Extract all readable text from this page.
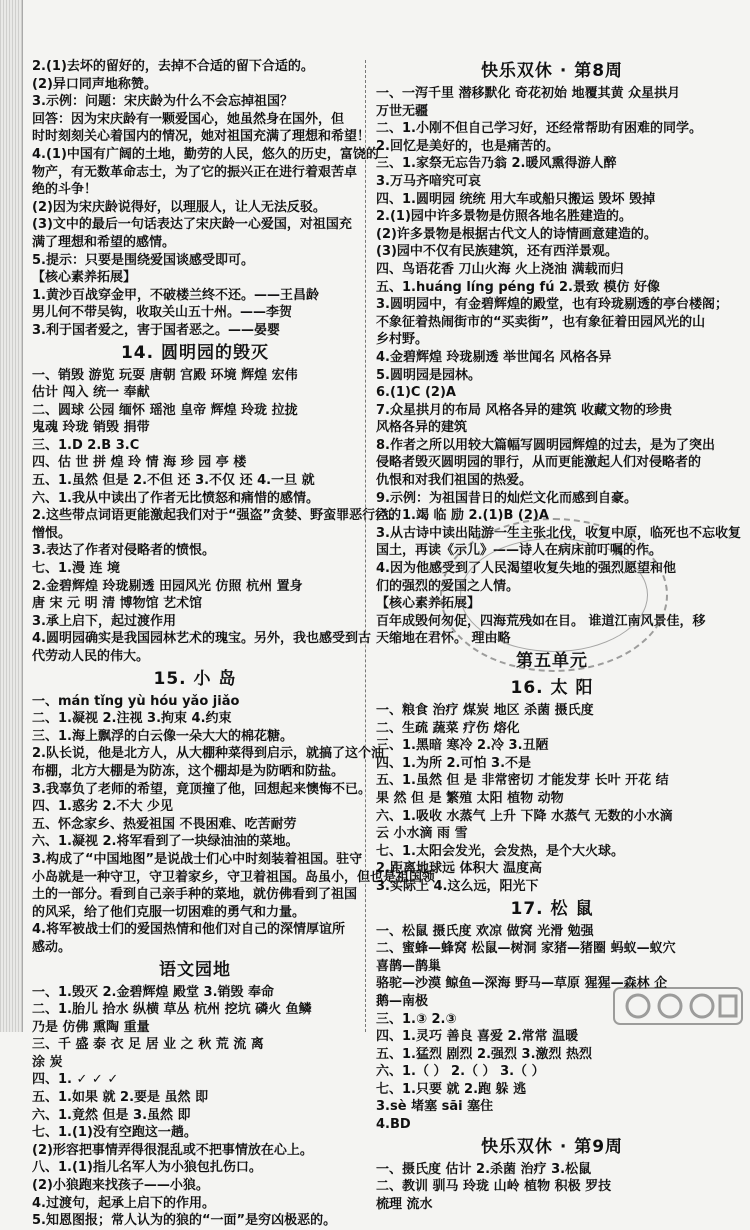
2.(1)去坏的留好的，去掉不合适的留下合适的。
(2)异口同声地称赞。
3.示例：问题：宋庆龄为什么不会忘掉祖国？
回答：因为宋庆龄有一颗爱国心，她虽然身在国外，但
时时刻刻关心着国内的情况，她对祖国充满了理想和希望！
4.(1)中国有广阔的土地，勤劳的人民，悠久的历史，富饶的
物产，有无数革命志士，为了它的振兴正在进行着艰苦卓
绝的斗争！
(2)因为宋庆龄说得好，以理服人，让人无法反驳。
(3)文中的最后一句话表达了宋庆龄一心爱国，对祖国充
满了理想和希望的感情。
5.提示：只要是围绕爱国谈感受即可。
【核心素养拓展】
1.黄沙百战穿金甲，不破楼兰终不还。——王昌龄
男儿何不带吴钩，收取关山五十州。——李贺
3.利于国者爱之，害于国者恶之。——晏婴
14. 圆明园的毁灭
一、销毁 游览 玩耍 唐朝 宫殿 环境 辉煌 宏伟
估计 闯入 统一 奉献
二、圆球 公园 缅怀 瑶池 皇帝 辉煌 玲珑 拉拢
鬼魂 玲珑 销毁 捐带
三、1.D 2.B 3.C
四、估 世 拼 煌 玲 情 海 珍 园 亭 楼
五、1.虽然 但是 2.不但 还 3.不仅 还 4.一旦 就
六、1.我从中读出了作者无比愤怒和痛惜的感情。
2.这些带点词语更能激起我们对于“强盗”贪婪、野蛮罪恶行径的
憎恨。
3.表达了作者对侵略者的愤恨。
七、1.漫 连 境
2.金碧辉煌 玲珑剔透 田园风光 仿照 杭州 置身
唐 宋 元 明 清 博物馆 艺术馆
3.承上启下，起过渡作用
4.圆明园确实是我国园林艺术的瑰宝。另外，我也感受到古
代劳动人民的伟大。
15. 小 岛
一、mán tǐng yù hóu yǎo jiǎo
二、1.凝视 2.注视 3.拘束 4.约束
三、1.海上飘浮的白云像一朵大大的棉花糖。
2.队长说，他是北方人，从大棚种菜得到启示，就搞了这个油
布棚，北方大棚是为防冻，这个棚却是为防晒和防盐。
3.我辜负了老师的希望，竟顶撞了他，回想起来懊悔不已。
四、1.惑劣 2.不大 少见
五、怀念家乡、热爱祖国 不畏困难、吃苦耐劳
六、1.凝视 2.将军看到了一块绿油油的菜地。
3.构成了“中国地图”是说战士们心中时刻装着祖国。驻守
小岛就是一种守卫，守卫着家乡，守卫着祖国。岛虽小，但也是祖国领
土的一部分。看到自己亲手种的菜地，就仿佛看到了祖国
的风采，给了他们克服一切困难的勇气和力量。
4.将军被战士们的爱国热情和他们对自己的深情厚谊所
感动。
语文园地
一、1.毁灭 2.金碧辉煌 殿堂 3.销毁 奉命
二、1.胎儿 拾水 纵横 草丛 杭州 挖坑 磷火 鱼鳞
乃是 仿佛 熏陶 重量
三、千 盛 泰 衣 足 居 业 之 秋 荒 流 离
涂 炭
四、1. ✓ ✓ ✓
五、1.如果 就 2.要是 虽然 即
六、1.竟然 但是 3.虽然 即
七、1.(1)没有空跑这一趟。
(2)形容把事情弄得很混乱或不把事情放在心上。
八、1.(1)指儿名军人为小狼包扎伤口。
(2)小狼跑来找孩子——小狼。
4.过渡句，起承上启下的作用。
5.知恩图报；常人认为的狼的“一面”是穷凶极恶的。
快乐双休 · 第8周
一、一泻千里 潜移默化 奇花初始 地覆其黄 众星拱月
万世无疆
二、1.小刚不但自己学习好，还经常帮助有困难的同学。
2.回忆是美好的，也是痛苦的。
三、1.家祭无忘告乃翁 2.暖风熏得游人醉
3.万马齐喑究可哀
四、1.圆明园 统统 用大车或船只搬运 毁坏 毁掉
2.(1)园中许多景物是仿照各地名胜建造的。
(2)许多景物是根据古代文人的诗情画意建造的。
(3)园中不仅有民族建筑，还有西洋景观。
四、鸟语花香 刀山火海 火上浇油 满载而归
五、1.huáng líng péng fú 2.景致 模仿 好像
3.圆明园中，有金碧辉煌的殿堂，也有玲珑剔透的亭台楼阁；
不象征着热闹街市的“买卖街”，也有象征着田园风光的山
乡村野。
4.金碧辉煌 玲珑剔透 举世闻名 风格各异
5.圆明园是园林。
6.(1)C (2)A
7.众星拱月的布局 风格各异的建筑 收藏文物的珍贵
风格各异的建筑
8.作者之所以用较大篇幅写圆明园辉煌的过去，是为了突出
侵略者毁灭圆明园的罪行，从而更能激起人们对侵略者的
仇恨和对我们祖国的热爱。
9.示例：为祖国昔日的灿烂文化而感到自豪。
六、1.竭 临 励 2.(1)B (2)A
3.从古诗中读出陆游一生主张北伐，收复中原，临死也不忘收复
国土，再读《示儿》——诗人在病床前叮嘱的作。
4.因为他感受到了人民渴望收复失地的强烈愿望和他
们的强烈的爱国之人情。
【核心素养拓展】
百年成毁何匆促，四海荒残如在目。 谁道江南风景佳，移
天缩地在君怀。 理由略
第五单元
16. 太 阳
一、粮食 治疗 煤炭 地区 杀菌 摄氏度
二、生疏 蔬菜 疗伤 熔化
三、1.黑暗 寒冷 2.冷 3.丑陋
四、1.为所 2.可怕 3.不是
五、1.虽然 但 是 非常密切 才能发芽 长叶 开花 结
果 然 但 是 繁殖 太阳 植物 动物
六、1.吸收 水蒸气 上升 下降 水蒸气 无数的小水滴
云 小水滴 雨 雪
七、1.太阳会发光，会发热，是个大火球。
2.距离地球远 体积大 温度高
3.实际上 4.这么远，阳光下
17. 松 鼠
一、松鼠 摄氏度 欢凉 做窝 光滑 勉强
二、蜜蜂—蜂窝 松鼠—树洞 家猪—猪圈 蚂蚁—蚁穴
喜鹊—鹊巢
骆驼—沙漠 鲸鱼—深海 野马—草原 猩猩—森林 企
鹅—南极
三、1.③ 2.③
四、1.灵巧 善良 喜爱 2.常常 温暖
五、1.猛烈 剧烈 2.强烈 3.激烈 热烈
六、1.（ ） 2.（ ） 3.（ ）
七、1.只要 就 2.跑 躲 逃
3.sè 堵塞 sāi 塞住
4.BD
快乐双休 · 第9周
一、摄氏度 估计 2.杀菌 治疗 3.松鼠
二、教训 驯马 玲珑 山岭 植物 积极 罗技
梳理 流水
